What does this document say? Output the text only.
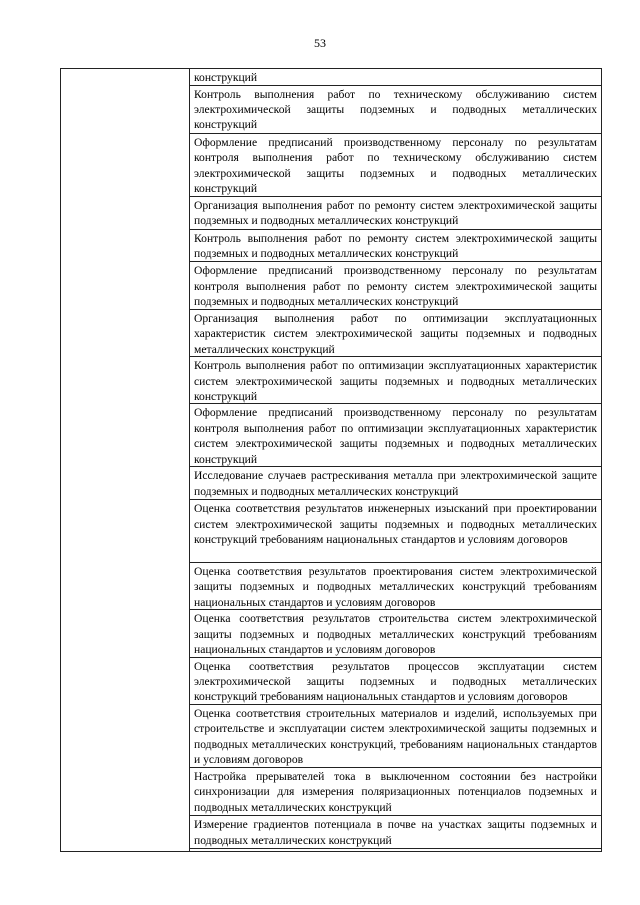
53

конструкций
Контроль выполнения работ по техническому обслуживанию систем электрохимической защиты подземных и подводных металлических конструкций
Оформление предписаний производственному персоналу по результатам контроля выполнения работ по техническому обслуживанию систем электрохимической защиты подземных и подводных металлических конструкций
Организация выполнения работ по ремонту систем электрохимической защиты подземных и подводных металлических конструкций
Контроль выполнения работ по ремонту систем электрохимической защиты подземных и подводных металлических конструкций
Оформление предписаний производственному персоналу по результатам контроля выполнения работ по ремонту систем электрохимической защиты подземных и подводных металлических конструкций
Организация выполнения работ по оптимизации эксплуатационных характеристик систем электрохимической защиты подземных и подводных металлических конструкций
Контроль выполнения работ по оптимизации эксплуатационных характеристик систем электрохимической защиты подземных и подводных металлических конструкций
Оформление предписаний производственному персоналу по результатам контроля выполнения работ по оптимизации эксплуатационных характеристик систем электрохимической защиты подземных и подводных металлических конструкций
Исследование случаев растрескивания металла при электрохимической защите подземных и подводных металлических конструкций
Оценка соответствия результатов инженерных изысканий при проектировании систем электрохимической защиты подземных и подводных металлических конструкций требованиям национальных стандартов и условиям договоров
Оценка соответствия результатов проектирования систем электрохимической защиты подземных и подводных металлических конструкций требованиям национальных стандартов и условиям договоров
Оценка соответствия результатов строительства систем электрохимической защиты подземных и подводных металлических конструкций требованиям национальных стандартов и условиям договоров
Оценка соответствия результатов процессов эксплуатации систем электрохимической защиты подземных и подводных металлических конструкций требованиям национальных стандартов и условиям договоров
Оценка соответствия строительных материалов и изделий, используемых при строительстве и эксплуатации систем электрохимической защиты подземных и подводных металлических конструкций, требованиям национальных стандартов и условиям договоров
Настройка прерывателей тока в выключенном состоянии без настройки синхронизации для измерения поляризационных потенциалов подземных и подводных металлических конструкций
Измерение градиентов потенциала в почве на участках защиты подземных и подводных металлических конструкций
